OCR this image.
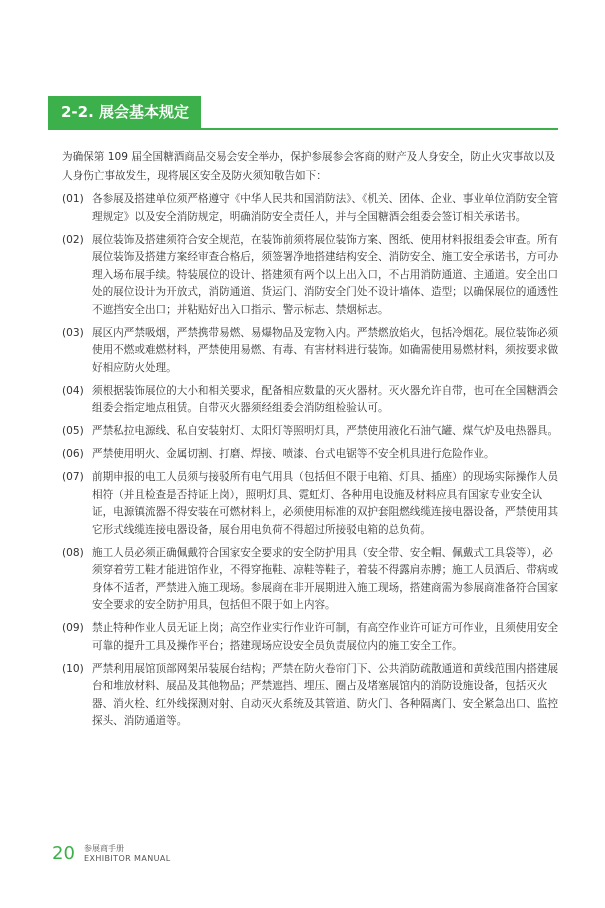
2-2. 展会基本规定

为确保第 109 届全国糖酒商品交易会安全举办，保护参展参会客商的财产及人身安全，防止火灾事故以及人身伤亡事故发生，现将展区安全及防火须知敬告如下：

(01) 各参展及搭建单位须严格遵守《中华人民共和国消防法》、《机关、团体、企业、事业单位消防安全管理规定》以及安全消防规定，明确消防安全责任人，并与全国糖酒会组委会签订相关承诺书。
(02) 展位装饰及搭建须符合安全规范，在装饰前须将展位装饰方案、图纸、使用材料报组委会审查。所有展位装饰及搭建方案经审查合格后，须签署净地搭建结构安全、消防安全、施工安全承诺书，方可办理入场布展手续。特装展位的设计、搭建须有两个以上出入口，不占用消防通道、主通道。安全出口处的展位设计为开放式，消防通道、货运门、消防安全门处不设计墙体、造型；以确保展位的通透性不遮挡安全出口；并粘贴好出入口指示、警示标志、禁烟标志。
(03) 展区内严禁吸烟，严禁携带易燃、易爆物品及宠物入内。严禁燃放焰火，包括冷烟花。展位装饰必须使用不燃或难燃材料，严禁使用易燃、有毒、有害材料进行装饰。如确需使用易燃材料，须按要求做好相应防火处理。
(04) 须根据装饰展位的大小和相关要求，配备相应数量的灭火器材。灭火器允许自带，也可在全国糖酒会组委会指定地点租赁。自带灭火器须经组委会消防组检验认可。
(05) 严禁私拉电源线、私自安装射灯、太阳灯等照明灯具，严禁使用液化石油气罐、煤气炉及电热器具。
(06) 严禁使用明火、金属切割、打磨、焊接、喷漆、台式电锯等不安全机具进行危险作业。
(07) 前期申报的电工人员须与接驳所有电气用具（包括但不限于电箱、灯具、插座）的现场实际操作人员相符（并且检查是否持证上岗），照明灯具、霓虹灯、各种用电设施及材料应具有国家专业安全认证，电源镇流器不得安装在可燃材料上，必须使用标准的双护套阻燃线缆连接电器设备，严禁使用其它形式线缆连接电器设备，展台用电负荷不得超过所接驳电箱的总负荷。
(08) 施工人员必须正确佩戴符合国家安全要求的安全防护用具（安全带、安全帽、佩戴式工具袋等），必须穿着劳工鞋才能进馆作业，不得穿拖鞋、凉鞋等鞋子，着装不得露肩赤膊；施工人员酒后、带病或身体不适者，严禁进入施工现场。参展商在非开展期进入施工现场，搭建商需为参展商准备符合国家安全要求的安全防护用具，包括但不限于如上内容。
(09) 禁止特种作业人员无证上岗；高空作业实行作业许可制，有高空作业许可证方可作业，且须使用安全可靠的提升工具及操作平台；搭建现场应设安全员负责展位内的施工安全工作。
(10) 严禁利用展馆顶部网架吊装展台结构；严禁在防火卷帘门下、公共消防疏散通道和黄线范围内搭建展台和堆放材料、展品及其他物品；严禁遮挡、埋压、圈占及堵塞展馆内的消防设施设备，包括灭火器、消火栓、红外线探测对射、自动灭火系统及其管道、防火门、各种隔离门、安全紧急出口、监控探头、消防通道等。
20 参展商手册
EXHIBITOR MANUAL
